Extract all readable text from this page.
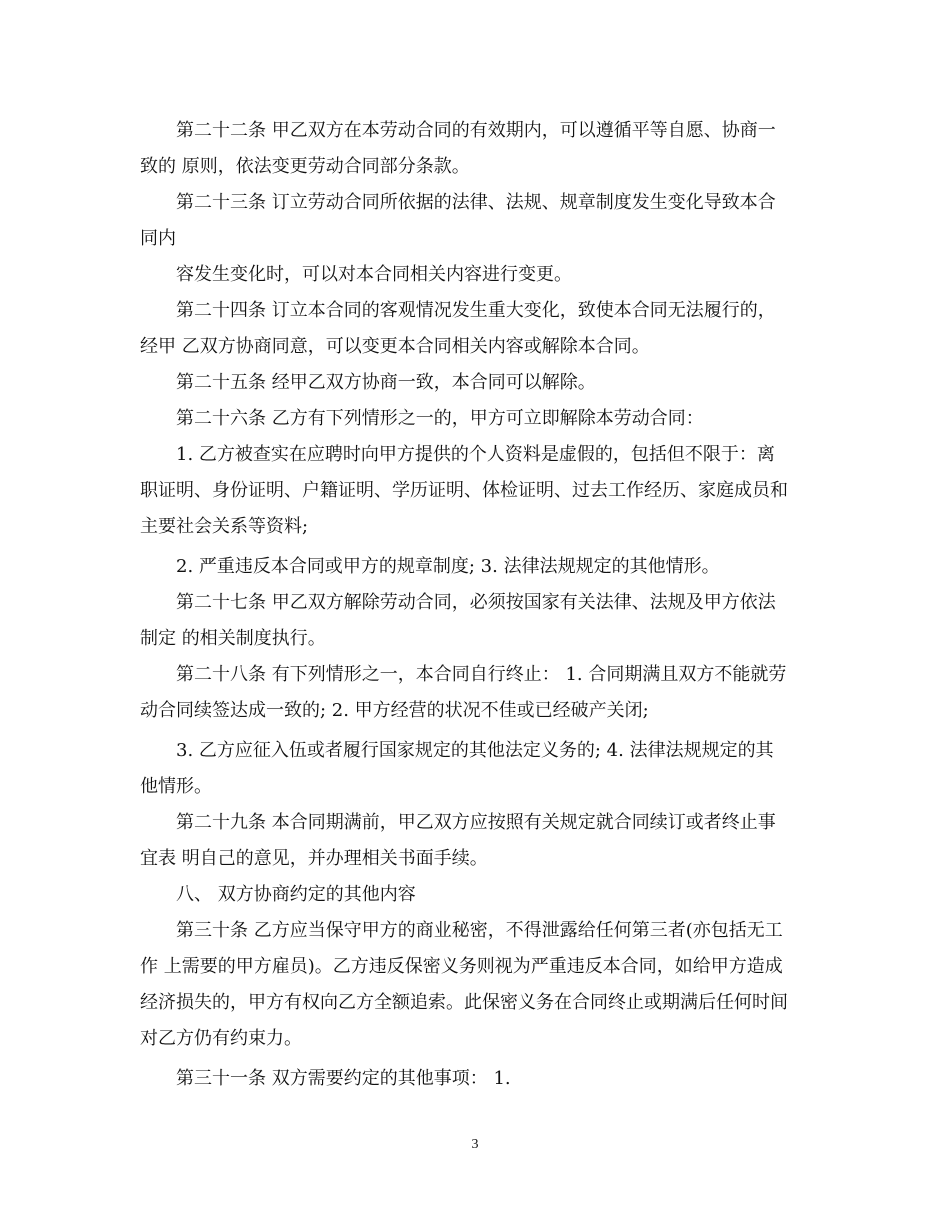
第二十二条 甲乙双方在本劳动合同的有效期内，可以遵循平等自愿、协商一
致的 原则，依法变更劳动合同部分条款。
第二十三条 订立劳动合同所依据的法律、法规、规章制度发生变化导致本合
同内
容发生变化时，可以对本合同相关内容进行变更。
第二十四条 订立本合同的客观情况发生重大变化，致使本合同无法履行的，
经甲 乙双方协商同意，可以变更本合同相关内容或解除本合同。
第二十五条 经甲乙双方协商一致，本合同可以解除。
第二十六条 乙方有下列情形之一的，甲方可立即解除本劳动合同：
1. 乙方被查实在应聘时向甲方提供的个人资料是虚假的，包括但不限于：离
职证明、身份证明、户籍证明、学历证明、体检证明、过去工作经历、家庭成员和
主要社会关系等资料;
2. 严重违反本合同或甲方的规章制度; 3. 法律法规规定的其他情形。
第二十七条 甲乙双方解除劳动合同，必须按国家有关法律、法规及甲方依法
制定 的相关制度执行。
第二十八条 有下列情形之一，本合同自行终止： 1. 合同期满且双方不能就劳
动合同续签达成一致的; 2. 甲方经营的状况不佳或已经破产关闭;
3. 乙方应征入伍或者履行国家规定的其他法定义务的; 4. 法律法规规定的其
他情形。
第二十九条 本合同期满前，甲乙双方应按照有关规定就合同续订或者终止事
宜表 明自己的意见，并办理相关书面手续。
八、 双方协商约定的其他内容
第三十条 乙方应当保守甲方的商业秘密，不得泄露给任何第三者(亦包括无工
作 上需要的甲方雇员)。乙方违反保密义务则视为严重违反本合同，如给甲方造成
经济损失的，甲方有权向乙方全额追索。此保密义务在合同终止或期满后任何时间
对乙方仍有约束力。
第三十一条 双方需要约定的其他事项： 1.
3
